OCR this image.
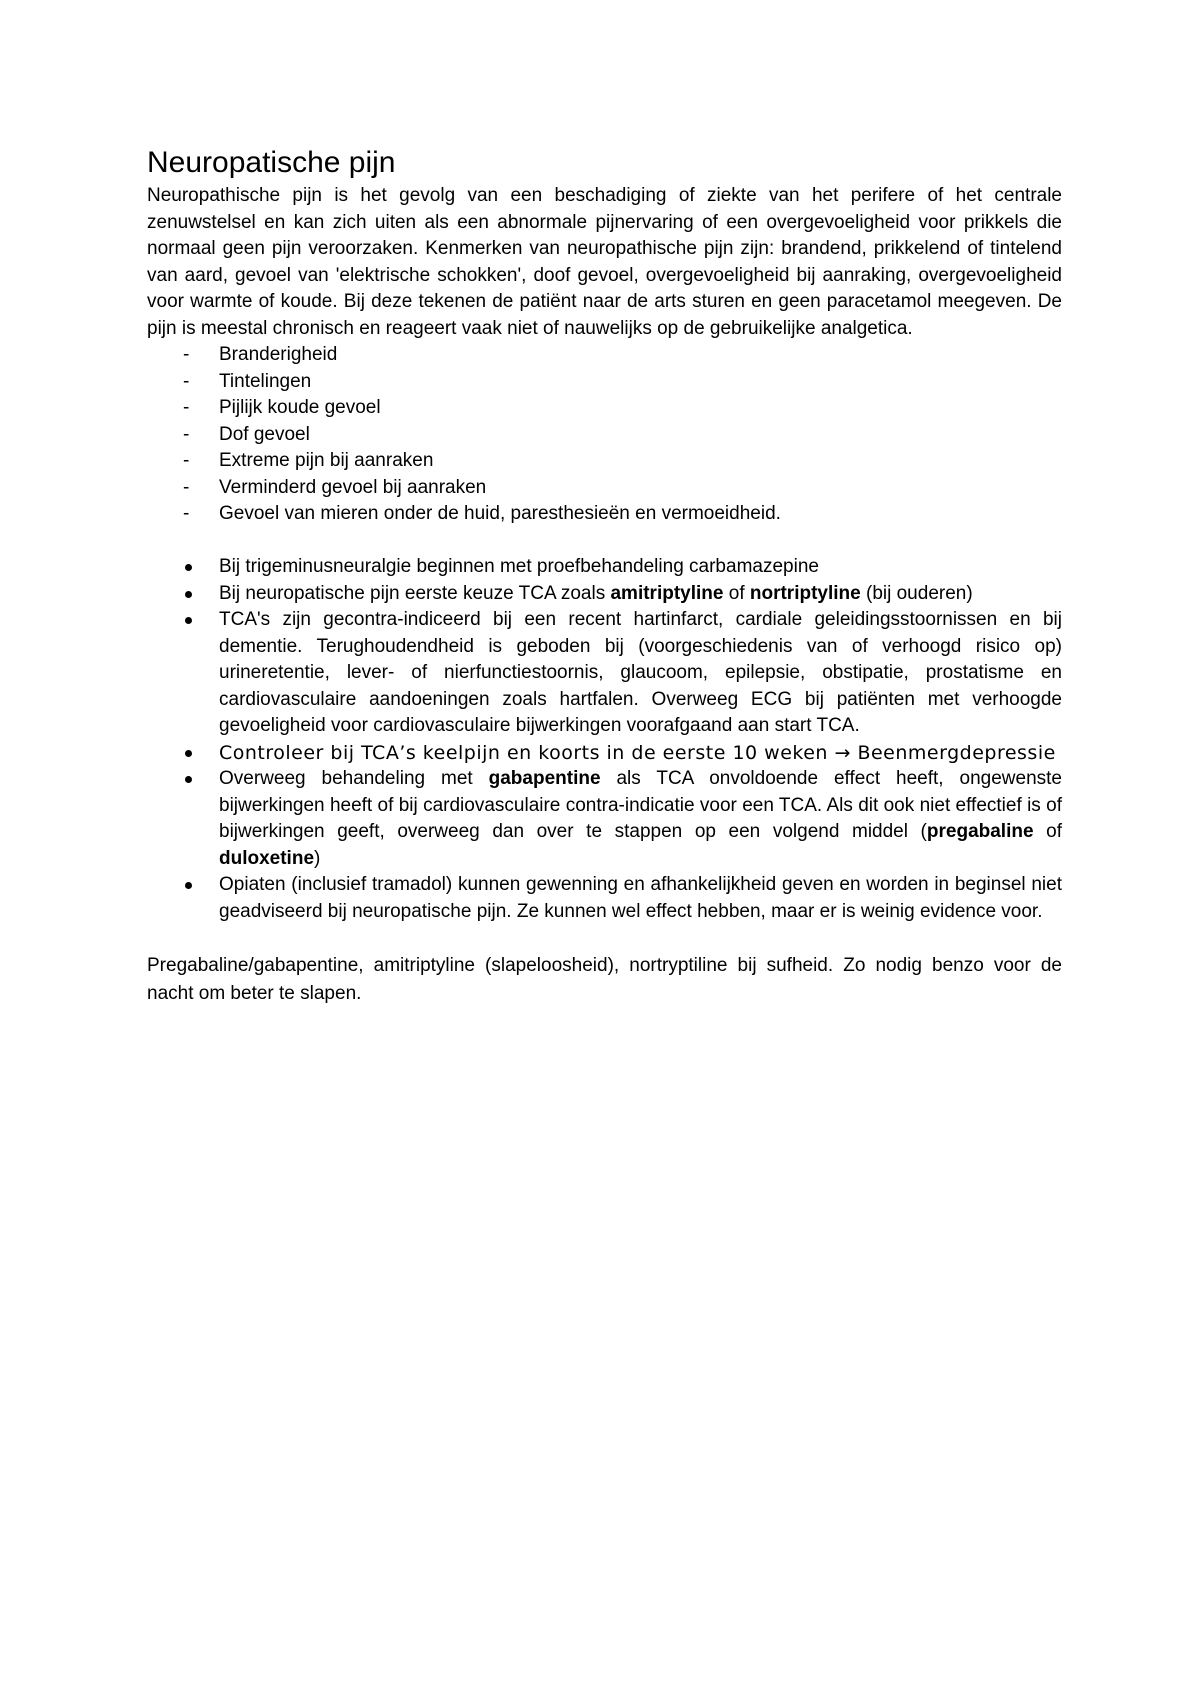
Neuropatische pijn

Neuropathische pijn is het gevolg van een beschadiging of ziekte van het perifere of het centrale zenuwstelsel en kan zich uiten als een abnormale pijnervaring of een overgevoeligheid voor prikkels die normaal geen pijn veroorzaken. Kenmerken van neuropathische pijn zijn: brandend, prikkelend of tintelend van aard, gevoel van 'elektrische schokken', doof gevoel, overgevoeligheid bij aanraking, overgevoeligheid voor warmte of koude. Bij deze tekenen de patiënt naar de arts sturen en geen paracetamol meegeven. De pijn is meestal chronisch en reageert vaak niet of nauwelijks op de gebruikelijke analgetica.

- Branderigheid
- Tintelingen
- Pijlijk koude gevoel
- Dof gevoel
- Extreme pijn bij aanraken
- Verminderd gevoel bij aanraken
- Gevoel van mieren onder de huid, paresthesieën en vermoeidheid.
Bij trigeminusneuralgie beginnen met proefbehandeling carbamazepine
Bij neuropatische pijn eerste keuze TCA zoals amitriptyline of nortriptyline (bij ouderen)
TCA's zijn gecontra-indiceerd bij een recent hartinfarct, cardiale geleidingsstoornissen en bij dementie. Terughoudendheid is geboden bij (voorgeschiedenis van of verhoogd risico op) urineretentie, lever- of nierfunctiestoornis, glaucoom, epilepsie, obstipatie, prostatisme en cardiovasculaire aandoeningen zoals hartfalen. Overweeg ECG bij patiënten met verhoogde gevoeligheid voor cardiovasculaire bijwerkingen voorafgaand aan start TCA.
Controleer bij TCA’s keelpijn en koorts in de eerste 10 weken → Beenmergdepressie
Overweeg behandeling met gabapentine als TCA onvoldoende effect heeft, ongewenste bijwerkingen heeft of bij cardiovasculaire contra-indicatie voor een TCA. Als dit ook niet effectief is of bijwerkingen geeft, overweeg dan over te stappen op een volgend middel (pregabaline of duloxetine)
Opiaten (inclusief tramadol) kunnen gewenning en afhankelijkheid geven en worden in beginsel niet geadviseerd bij neuropatische pijn. Ze kunnen wel effect hebben, maar er is weinig evidence voor.

Pregabaline/gabapentine, amitriptyline (slapeloosheid), nortryptiline bij sufheid. Zo nodig benzo voor de nacht om beter te slapen.
